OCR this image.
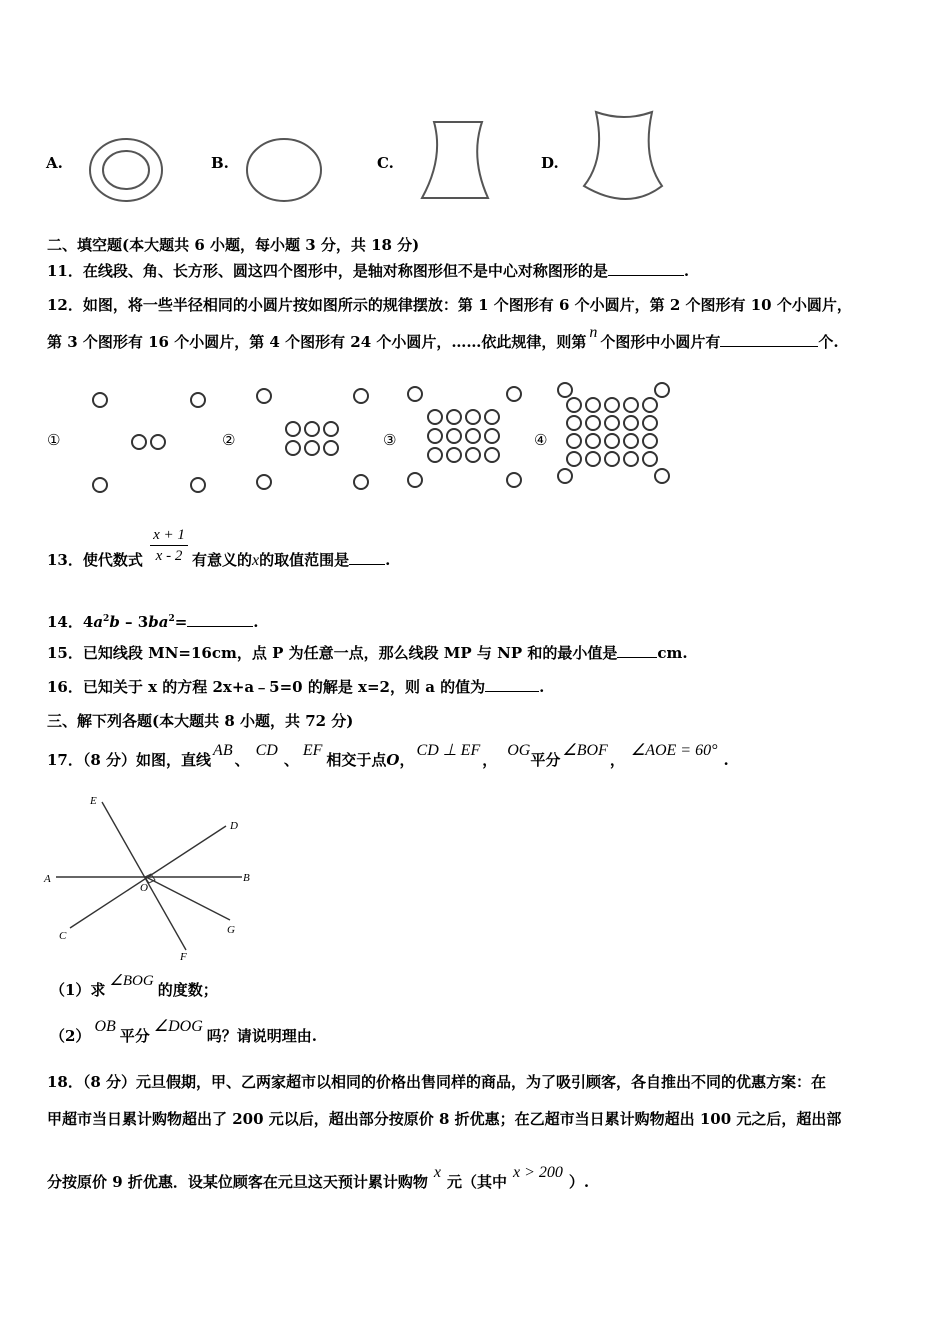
A.	B.	C.	D.
二、填空题(本大题共 6 小题，每小题 3 分，共 18 分)
11．在线段、角、长方形、圆这四个图形中，是轴对称图形但不是中心对称图形的是	.
12．如图，将一些半径相同的小圆片按如图所示的规律摆放：第 1 个图形有 6 个小圆片，第 2 个图形有 10 个小圆片，
第 3 个图形有 16 个小圆片，第 4 个图形有 24 个小圆片，……依此规律，则第n个图形中小圆片有	个.
①	②	③	④
13．使代数式
x + 1
x - 2 有意义的x的取值范围是 .
14．$4a^2b - 3ba^2=$	.
15．已知线段 MN=16cm，点 P 为任意一点，那么线段 MP 与 NP 和的最小值是	cm.
16．已知关于 x 的方程 2x+a﹣5=0 的解是 x=2，则 a 的值为	.
三、解下列各题(本大题共 8 小题，共 72 分)
17．（8 分）如图，直线AB、CD、EF相交于点O，CD ⊥ EF，OG平分∠BOF，∠AOE = 60°.
E
D
A	B
O
C	G
F
（1）求 ∠BOG 的度数；
（2）OB平分∠DOG吗？请说明理由.
18．（8 分）元旦假期，甲、乙两家超市以相同的价格出售同样的商品，为了吸引顾客，各自推出不同的优惠方案：在
甲超市当日累计购物超出了 200 元以后，超出部分按原价 8 折优惠；在乙超市当日累计购物超出 100 元之后，超出部
分按原价 9 折优惠．设某位顾客在元旦这天预计累计购物x元（其中x > 200）.
